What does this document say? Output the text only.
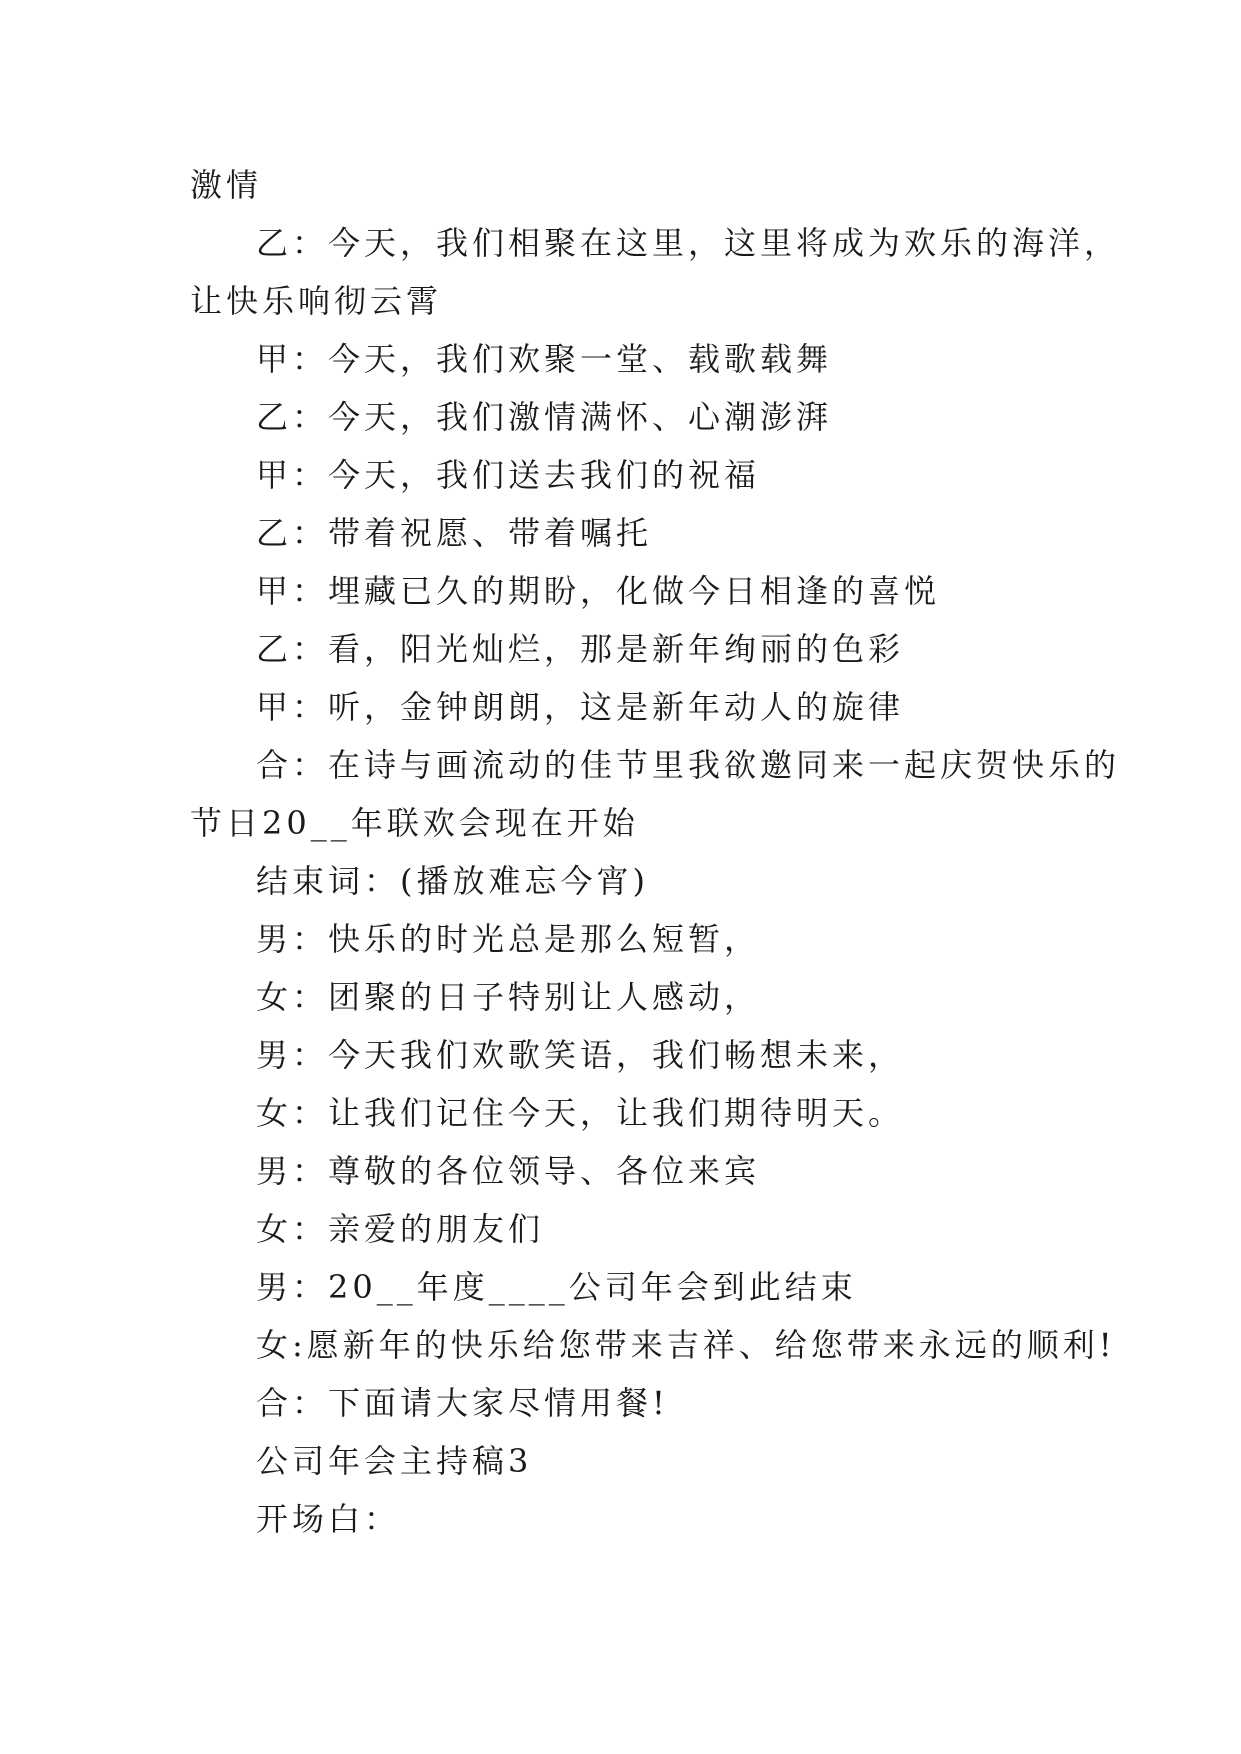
激情
乙：今天，我们相聚在这里，这里将成为欢乐的海洋，
让快乐响彻云霄
甲：今天，我们欢聚一堂、载歌载舞
乙：今天，我们激情满怀、心潮澎湃
甲：今天，我们送去我们的祝福
乙：带着祝愿、带着嘱托
甲：埋藏已久的期盼，化做今日相逢的喜悦
乙：看，阳光灿烂，那是新年绚丽的色彩
甲：听，金钟朗朗，这是新年动人的旋律
合：在诗与画流动的佳节里我欲邀同来一起庆贺快乐的
节日20__年联欢会现在开始
结束词：(播放难忘今宵)
男：快乐的时光总是那么短暂，
女：团聚的日子特别让人感动，
男：今天我们欢歌笑语，我们畅想未来，
女：让我们记住今天，让我们期待明天。
男：尊敬的各位领导、各位来宾
女：亲爱的朋友们
男：20__年度____公司年会到此结束
女:愿新年的快乐给您带来吉祥、给您带来永远的顺利!
合：下面请大家尽情用餐!
公司年会主持稿3
开场白：
